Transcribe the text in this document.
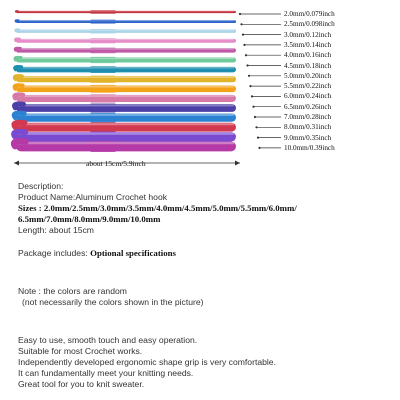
2.0mm/0.079inch
2.5mm/0.098inch
3.0mm/0.12inch
3.5mm/0.14inch
4.0mm/0.16inch
4.5mm/0.18inch
5.0mm/0.20inch
5.5mm/0.22inch
6.0mm/0.24inch
6.5mm/0.26inch
7.0mm/0.28inch
8.0mm/0.31inch
9.0mm/0.35inch
10.0mm/0.39inch
about 15cm/5.9inch
Description:
Product Name:Aluminum Crochet hook
Sizes : 2.0mm/2.5mm/3.0mm/3.5mm/4.0mm/4.5mm/5.0mm/5.5mm/6.0mm/
6.5mm/7.0mm/8.0mm/9.0mm/10.0mm
Length: about 15cm
Package includes: Optional specifications
Note : the colors are random
(not necessarily the colors shown in the picture)
Easy to use, smooth touch and easy operation.
Suitable for most Crochet works.
Independently developed ergonomic shape grip is very comfortable.
It can fundamentally meet your knitting needs.
Great tool for you to knit sweater.
